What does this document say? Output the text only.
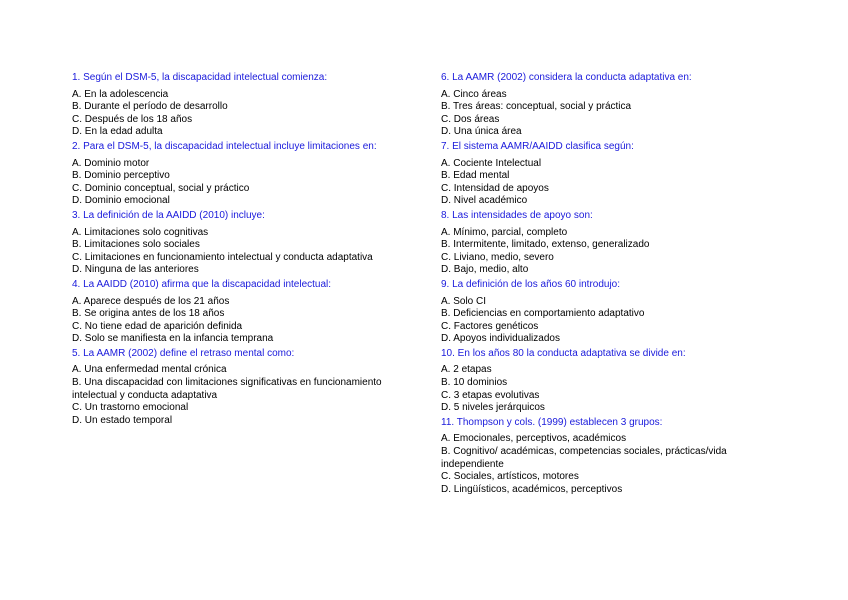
1. Según el DSM-5, la discapacidad intelectual comienza:
A. En la adolescencia
B. Durante el período de desarrollo
C. Después de los 18 años
D. En la edad adulta
2. Para el DSM-5, la discapacidad intelectual incluye limitaciones en:
A. Dominio motor
B. Dominio perceptivo
C. Dominio conceptual, social y práctico
D. Dominio emocional
3. La definición de la AAIDD (2010) incluye:
A. Limitaciones solo cognitivas
B. Limitaciones solo sociales
C. Limitaciones en funcionamiento intelectual y conducta adaptativa
D. Ninguna de las anteriores
4. La AAIDD (2010) afirma que la discapacidad intelectual:
A. Aparece después de los 21 años
B. Se origina antes de los 18 años
C. No tiene edad de aparición definida
D. Solo se manifiesta en la infancia temprana
5. La AAMR (2002) define el retraso mental como:
A. Una enfermedad mental crónica
B. Una discapacidad con limitaciones significativas en funcionamiento intelectual y conducta adaptativa
C. Un trastorno emocional
D. Un estado temporal
6. La AAMR (2002) considera la conducta adaptativa en:
A. Cinco áreas
B. Tres áreas: conceptual, social y práctica
C. Dos áreas
D. Una única área
7. El sistema AAMR/AAIDD clasifica según:
A. Cociente Intelectual
B. Edad mental
C. Intensidad de apoyos
D. Nivel académico
8. Las intensidades de apoyo son:
A. Mínimo, parcial, completo
B. Intermitente, limitado, extenso, generalizado
C. Liviano, medio, severo
D. Bajo, medio, alto
9. La definición de los años 60 introdujo:
A. Solo CI
B. Deficiencias en comportamiento adaptativo
C. Factores genéticos
D. Apoyos individualizados
10. En los años 80 la conducta adaptativa se divide en:
A. 2 etapas
B. 10 dominios
C. 3 etapas evolutivas
D. 5 niveles jerárquicos
11. Thompson y cols. (1999) establecen 3 grupos:
A. Emocionales, perceptivos, académicos
B. Cognitivo/ académicas, competencias sociales, prácticas/vida independiente
C. Sociales, artísticos, motores
D. Lingüísticos, académicos, perceptivos
